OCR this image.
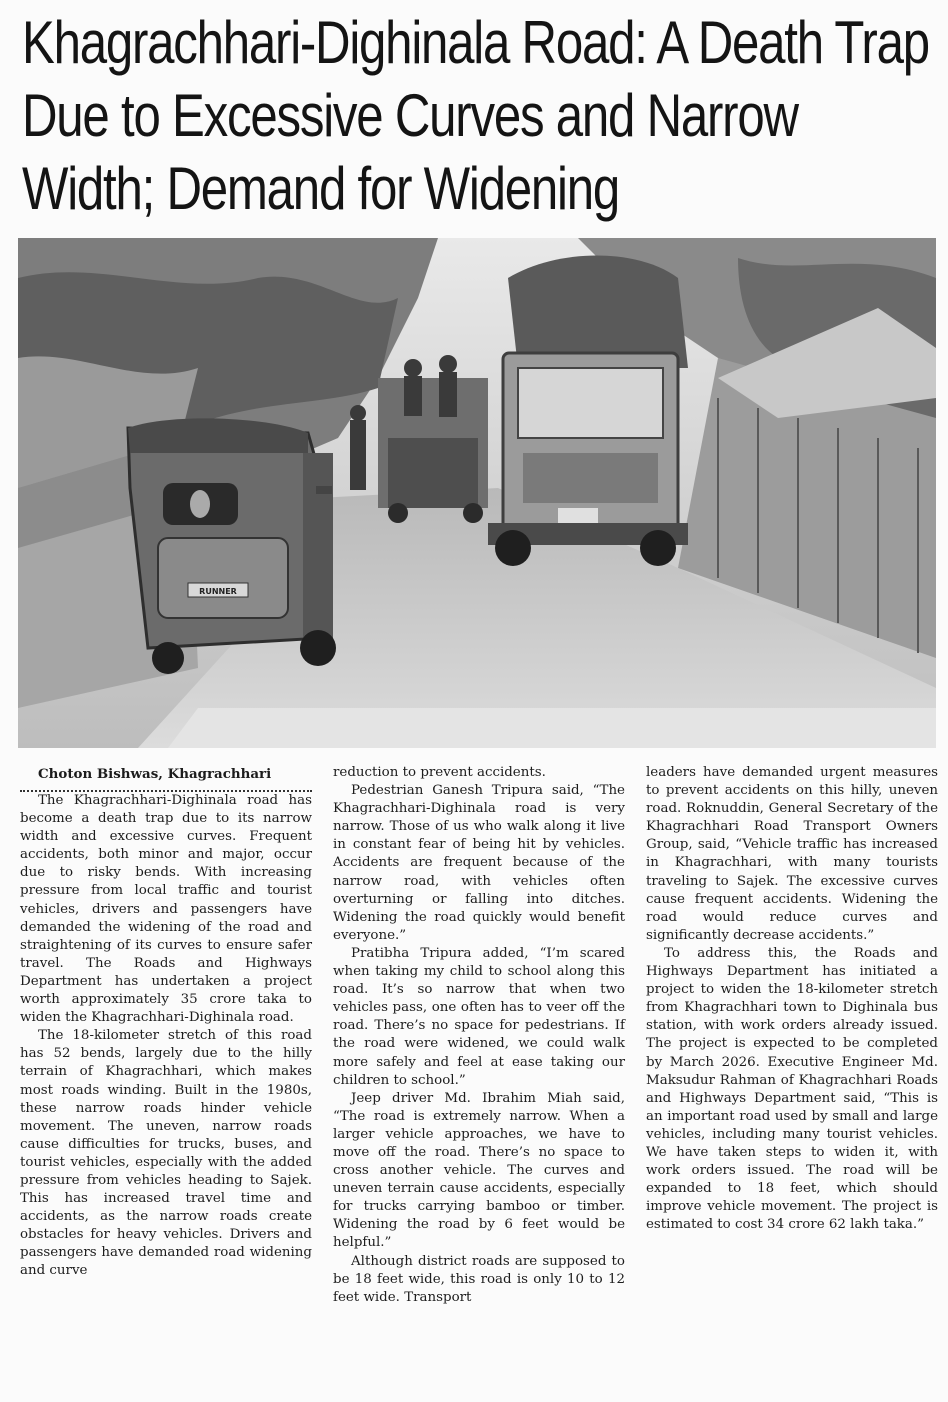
Khagrachhari-Dighinala Road: A Death Trap Due to Excessive Curves and Narrow Width; Demand for Widening
RUNNER

Choton Bishwas, Khagrachhari

The Khagrachhari-Dighinala road has become a death trap due to its narrow width and excessive curves. Frequent accidents, both minor and major, occur due to risky bends. With increasing pressure from local traffic and tourist vehicles, drivers and passengers have demanded the widening of the road and straightening of its curves to ensure safer travel. The Roads and Highways Department has undertaken a project worth approximately 35 crore taka to widen the Khagrachhari-Dighinala road.

The 18-kilometer stretch of this road has 52 bends, largely due to the hilly terrain of Khagrachhari, which makes most roads winding. Built in the 1980s, these narrow roads hinder vehicle movement. The uneven, narrow roads cause difficulties for trucks, buses, and tourist vehicles, especially with the added pressure from vehicles heading to Sajek. This has increased travel time and accidents, as the narrow roads create obstacles for heavy vehicles. Drivers and passengers have demanded road widening and curve

reduction to prevent accidents.

Pedestrian Ganesh Tripura said, “The Khagrachhari-Dighinala road is very narrow. Those of us who walk along it live in constant fear of being hit by vehicles. Accidents are frequent because of the narrow road, with vehicles often overturning or falling into ditches. Widening the road quickly would benefit everyone.”

Pratibha Tripura added, “I’m scared when taking my child to school along this road. It’s so narrow that when two vehicles pass, one often has to veer off the road. There’s no space for pedestrians. If the road were widened, we could walk more safely and feel at ease taking our children to school.”

Jeep driver Md. Ibrahim Miah said, “The road is extremely narrow. When a larger vehicle approaches, we have to move off the road. There’s no space to cross another vehicle. The curves and uneven terrain cause accidents, especially for trucks carrying bamboo or timber. Widening the road by 6 feet would be helpful.”

Although district roads are supposed to be 18 feet wide, this road is only 10 to 12 feet wide. Transport

leaders have demanded urgent measures to prevent accidents on this hilly, uneven road. Roknuddin, General Secretary of the Khagrachhari Road Transport Owners Group, said, “Vehicle traffic has increased in Khagrachhari, with many tourists traveling to Sajek. The excessive curves cause frequent accidents. Widening the road would reduce curves and significantly decrease accidents.”

To address this, the Roads and Highways Department has initiated a project to widen the 18-kilometer stretch from Khagrachhari town to Dighinala bus station, with work orders already issued. The project is expected to be completed by March 2026. Executive Engineer Md. Maksudur Rahman of Khagrachhari Roads and Highways Department said, “This is an important road used by small and large vehicles, including many tourist vehicles. We have taken steps to widen it, with work orders issued. The road will be expanded to 18 feet, which should improve vehicle movement. The project is estimated to cost 34 crore 62 lakh taka.”
